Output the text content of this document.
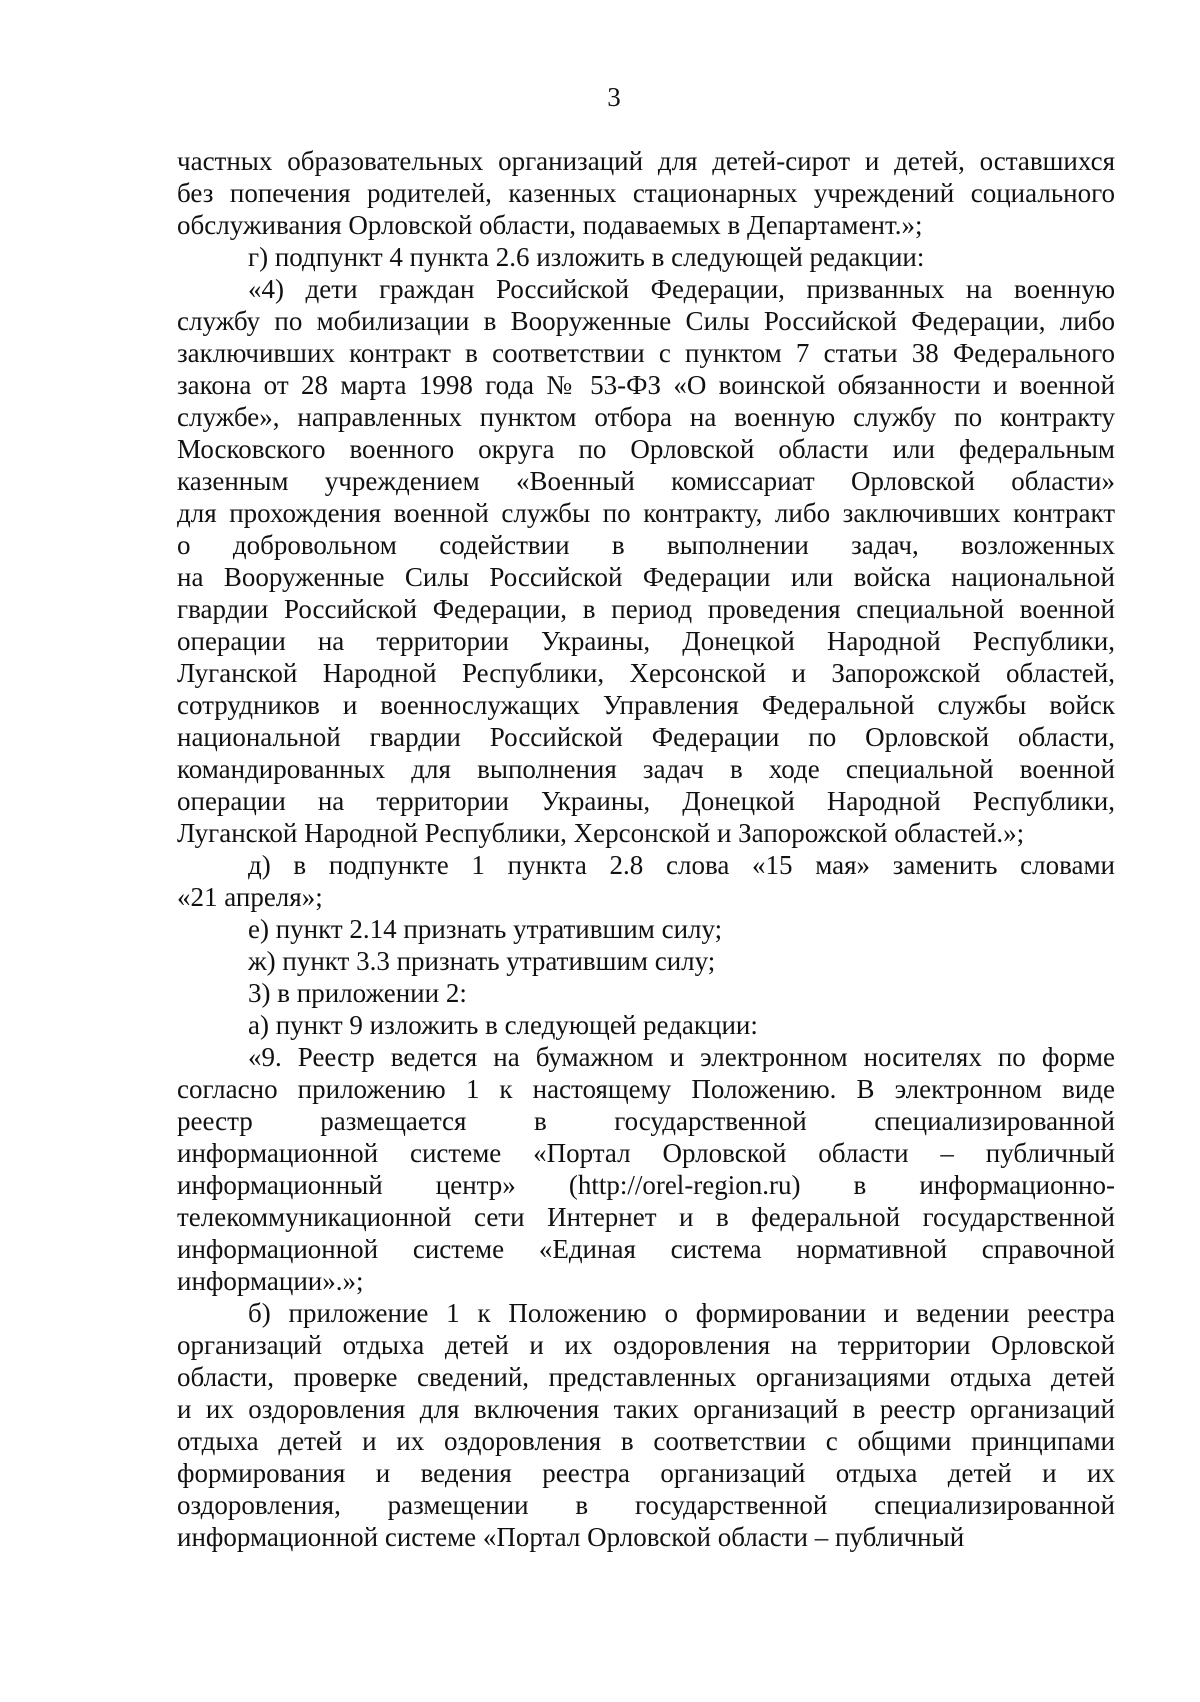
3
частных образовательных организаций для детей-сирот и детей, оставшихся
без попечения родителей, казенных стационарных учреждений социального
обслуживания Орловской области, подаваемых в Департамент.»;
г) подпункт 4 пункта 2.6 изложить в следующей редакции:
«4) дети граждан Российской Федерации, призванных на военную
службу по мобилизации в Вооруженные Силы Российской Федерации, либо
заключивших контракт в соответствии с пунктом 7 статьи 38 Федерального
закона от 28 марта 1998 года № 53-ФЗ «О воинской обязанности и военной
службе», направленных пунктом отбора на военную службу по контракту
Московского военного округа по Орловской области или федеральным
казенным учреждением «Военный комиссариат Орловской области»
для прохождения военной службы по контракту, либо заключивших контракт
о добровольном содействии в выполнении задач, возложенных
на Вооруженные Силы Российской Федерации или войска национальной
гвардии Российской Федерации, в период проведения специальной военной
операции на территории Украины, Донецкой Народной Республики,
Луганской Народной Республики, Херсонской и Запорожской областей,
сотрудников и военнослужащих Управления Федеральной службы войск
национальной гвардии Российской Федерации по Орловской области,
командированных для выполнения задач в ходе специальной военной
операции на территории Украины, Донецкой Народной Республики,
Луганской Народной Республики, Херсонской и Запорожской областей.»;
д) в подпункте 1 пункта 2.8 слова «15 мая» заменить словами
«21 апреля»;
е) пункт 2.14 признать утратившим силу;
ж) пункт 3.3 признать утратившим силу;
3) в приложении 2:
а) пункт 9 изложить в следующей редакции:
«9. Реестр ведется на бумажном и электронном носителях по форме
согласно приложению 1 к настоящему Положению. В электронном виде
реестр размещается в государственной специализированной
информационной системе «Портал Орловской области – публичный
информационный центр» (http://orel-region.ru) в информационно-
телекоммуникационной сети Интернет и в федеральной государственной
информационной системе «Единая система нормативной справочной
информации».»;
б) приложение 1 к Положению о формировании и ведении реестра
организаций отдыха детей и их оздоровления на территории Орловской
области, проверке сведений, представленных организациями отдыха детей
и их оздоровления для включения таких организаций в реестр организаций
отдыха детей и их оздоровления в соответствии с общими принципами
формирования и ведения реестра организаций отдыха детей и их
оздоровления, размещении в государственной специализированной
информационной системе «Портал Орловской области – публичный
